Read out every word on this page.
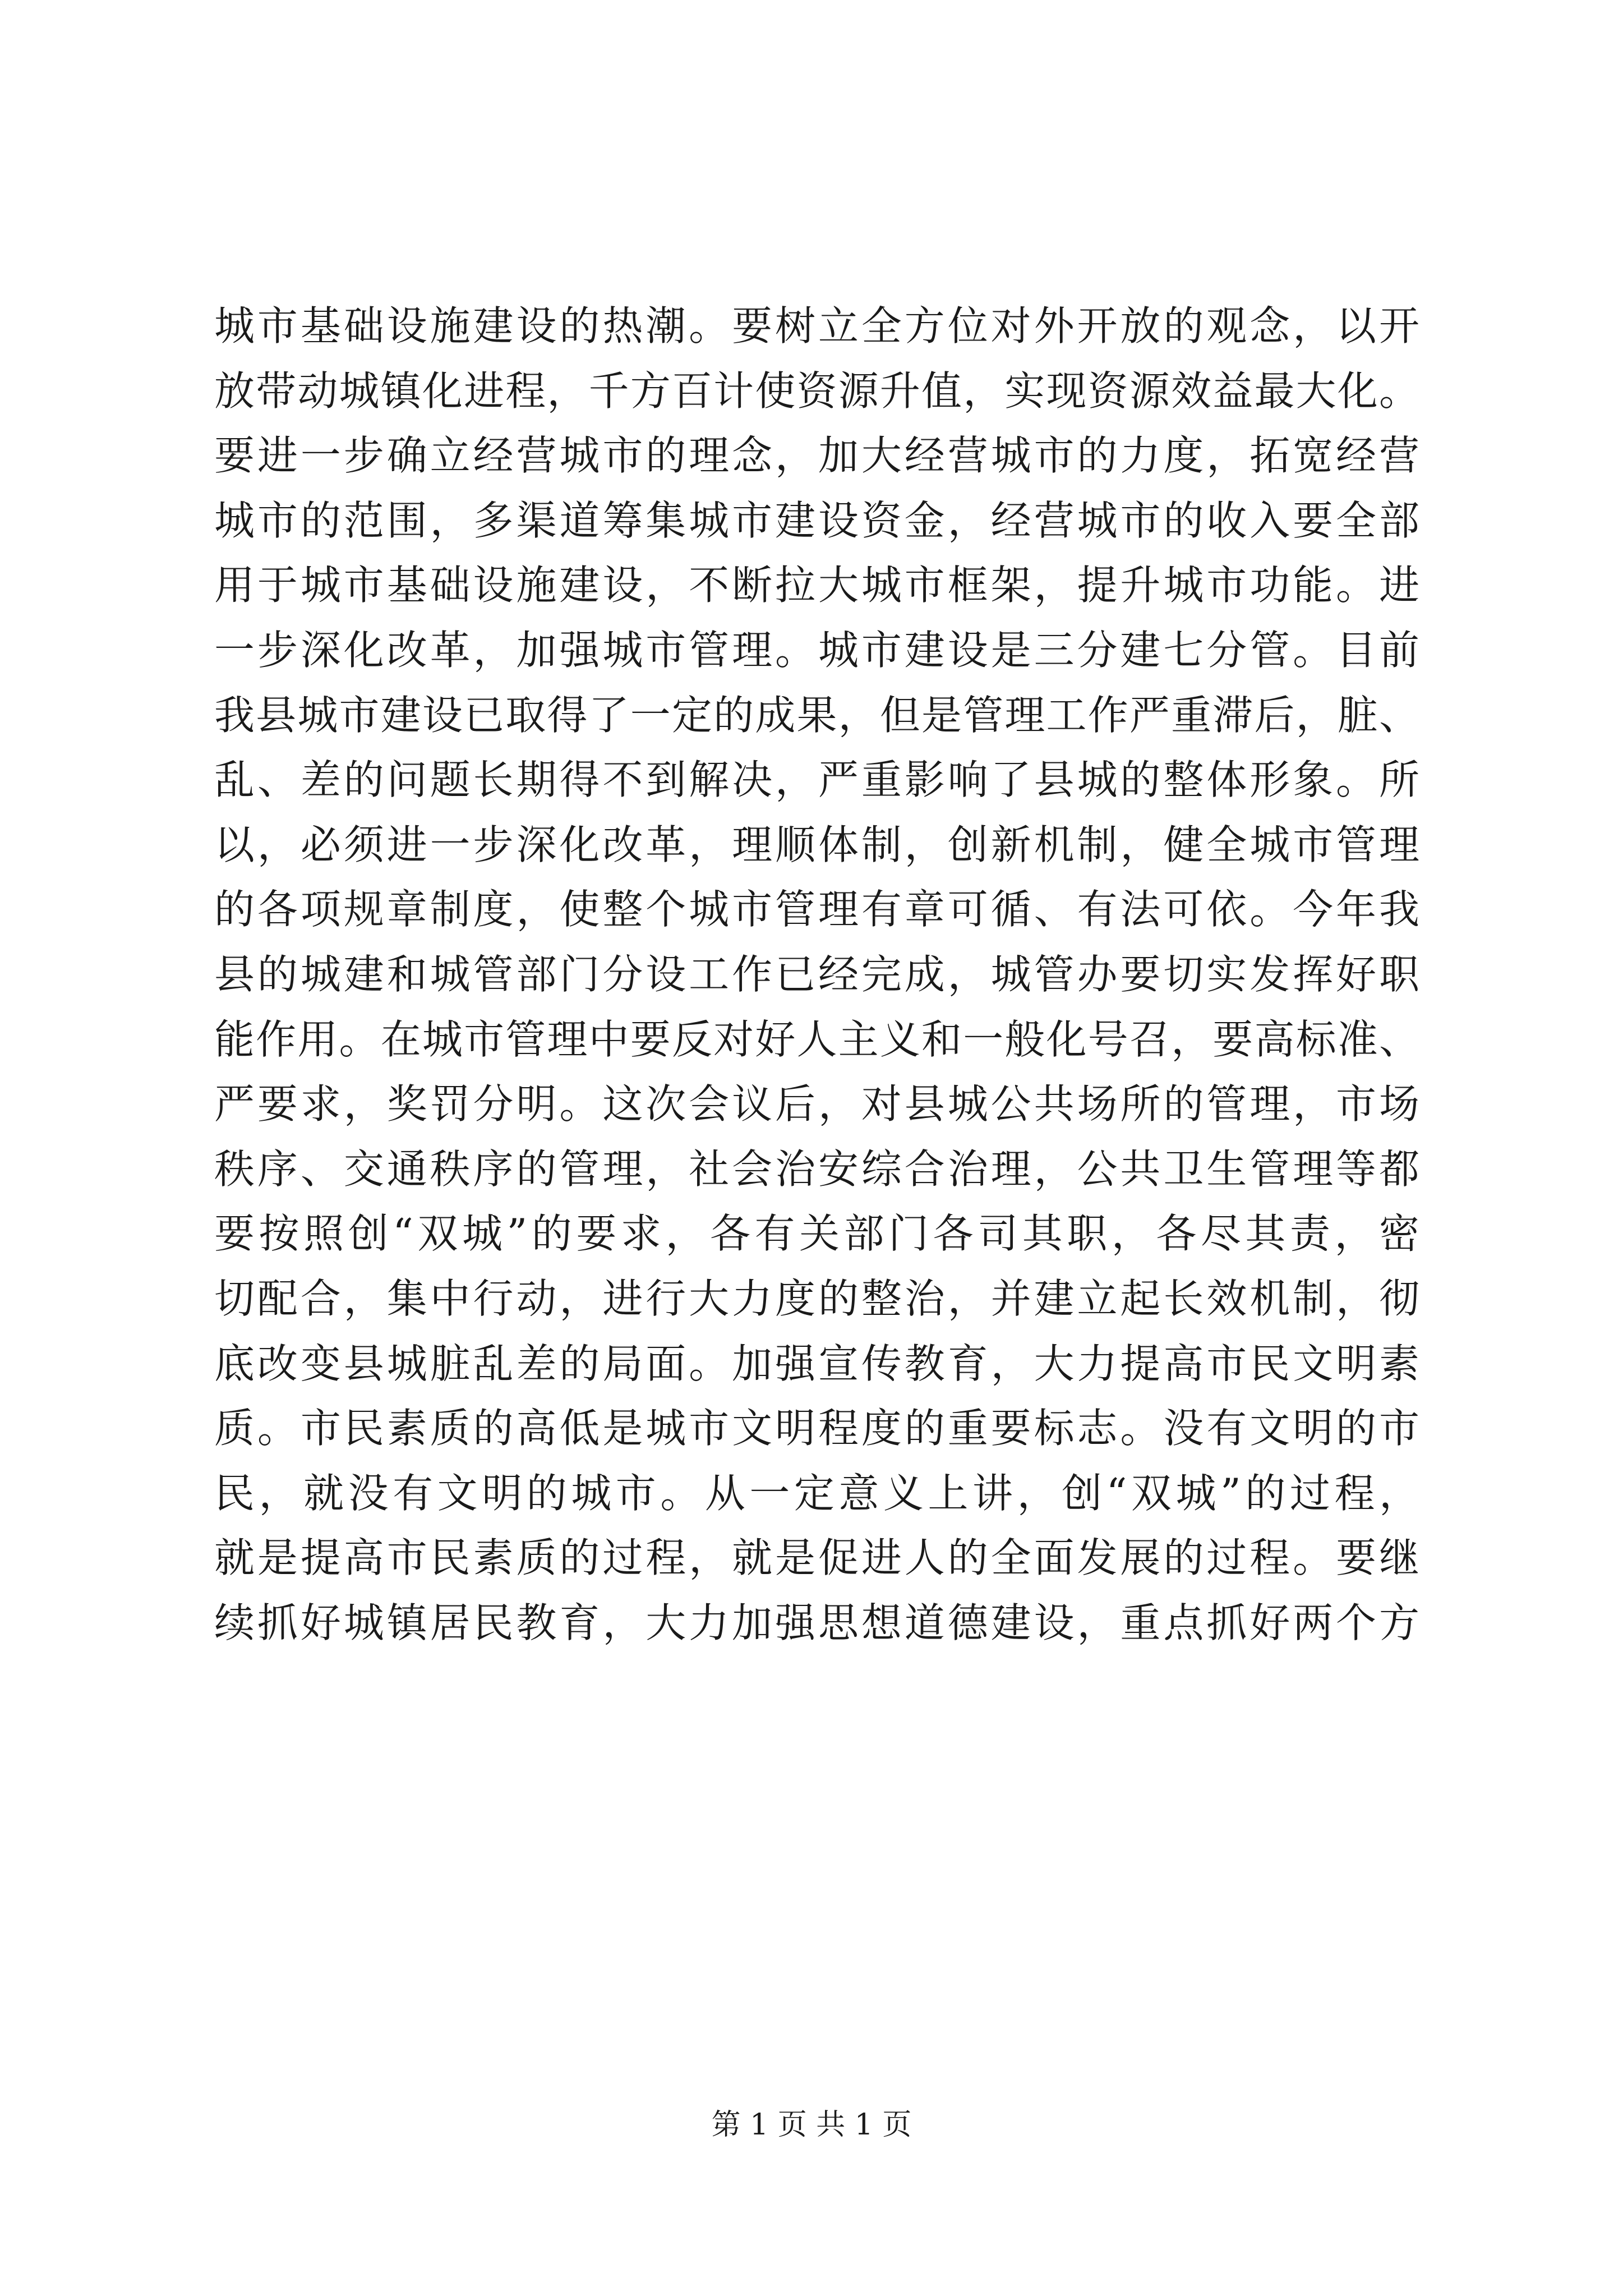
城市基础设施建设的热潮。要树立全方位对外开放的观念，以开
放带动城镇化进程，千方百计使资源升值，实现资源效益最大化。
要进一步确立经营城市的理念，加大经营城市的力度，拓宽经营
城市的范围，多渠道筹集城市建设资金，经营城市的收入要全部
用于城市基础设施建设，不断拉大城市框架，提升城市功能。进
一步深化改革，加强城市管理。城市建设是三分建七分管。目前
我县城市建设已取得了一定的成果，但是管理工作严重滞后，脏、
乱、差的问题长期得不到解决，严重影响了县城的整体形象。所
以，必须进一步深化改革，理顺体制，创新机制，健全城市管理
的各项规章制度，使整个城市管理有章可循、有法可依。今年我
县的城建和城管部门分设工作已经完成，城管办要切实发挥好职
能作用。在城市管理中要反对好人主义和一般化号召，要高标准、
严要求，奖罚分明。这次会议后，对县城公共场所的管理，市场
秩序、交通秩序的管理，社会治安综合治理，公共卫生管理等都
要按照创“双城”的要求，各有关部门各司其职，各尽其责，密
切配合，集中行动，进行大力度的整治，并建立起长效机制，彻
底改变县城脏乱差的局面。加强宣传教育，大力提高市民文明素
质。市民素质的高低是城市文明程度的重要标志。没有文明的市
民，就没有文明的城市。从一定意义上讲，创“双城”的过程，
就是提高市民素质的过程，就是促进人的全面发展的过程。要继
续抓好城镇居民教育，大力加强思想道德建设，重点抓好两个方
第 1 页 共 1 页
